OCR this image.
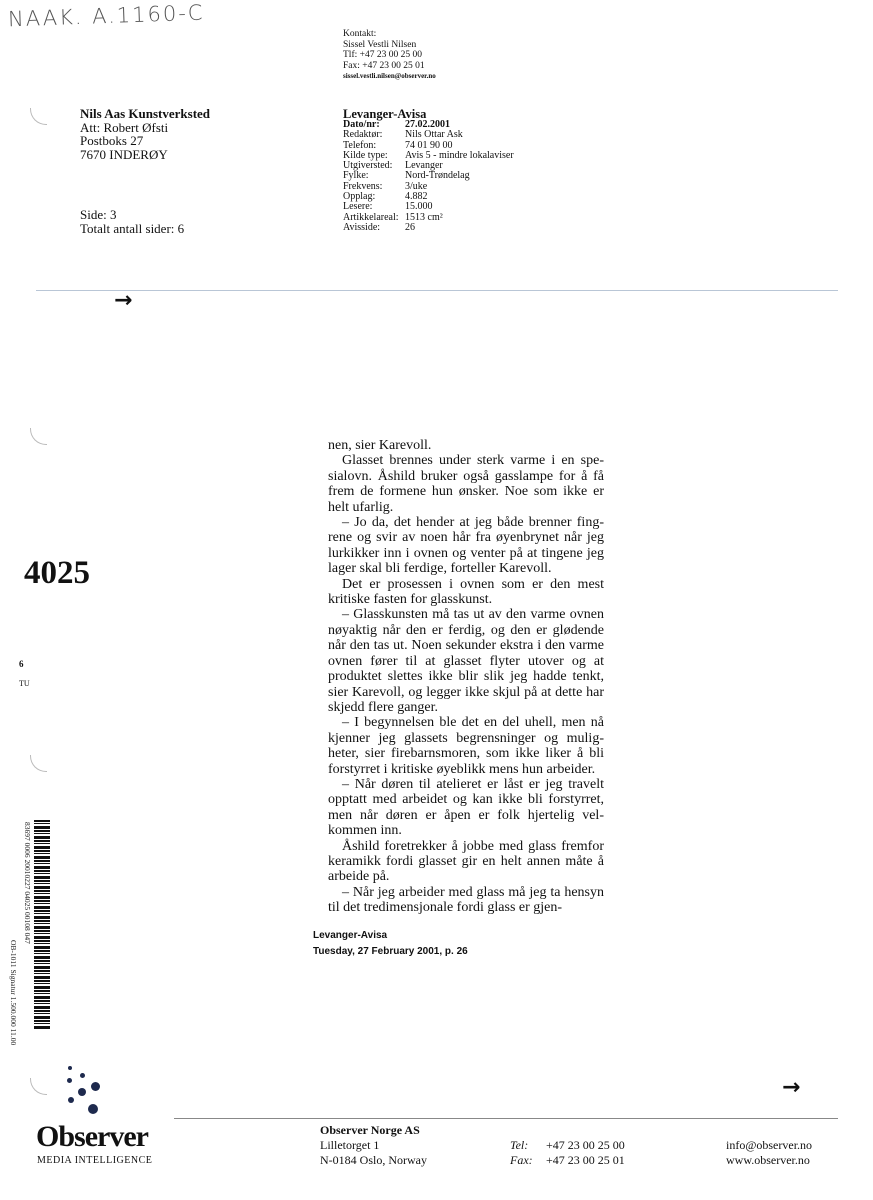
NAAK. A.1160-C
Kontakt:
Sissel Vestli Nilsen
Tlf: +47 23 00 25 00
Fax: +47 23 00 25 01
sissel.vestli.nilsen@observer.no
Nils Aas Kunstverksted
Att: Robert Øfsti
Postboks 27
7670 INDERØY
Side: 3
Totalt antall sider: 6
Levanger-Avisa
Dato/nr:	27.02.2001
Redaktør:	Nils Ottar Ask
Telefon:	74 01 90 00
Kilde type:	Avis 5 - mindre lokalaviser
Utgiversted:	Levanger
Fylke:	Nord-Trøndelag
Frekvens:	3/uke
Opplag:	4.882
Lesere:	15.000
Artikkelareal:	1513 cm²
Avisside:	26
→
4025
6
TU
83697 0006 20010227 04025 00108 047
OB-1011 Signatur 1.500.000 11.00

nen, sier Karevoll.

Glasset brennes under sterk varme i en spesialovn. Åshild bruker også gasslampe for å få frem de formene hun ønsker. Noe som ikke er helt ufarlig.

– Jo da, det hender at jeg både brenner fingrene og svir av noen hår fra øyenbrynet når jeg lurkikker inn i ovnen og venter på at tingene jeg lager skal bli ferdige, forteller Karevoll.

Det er prosessen i ovnen som er den mest kritiske fasten for glasskunst.

– Glasskunsten må tas ut av den varme ovnen nøyaktig når den er ferdig, og den er glødende når den tas ut. Noen sekunder ekstra i den varme ovnen fører til at glasset flyter utover og at produktet slettes ikke blir slik jeg hadde tenkt, sier Karevoll, og legger ikke skjul på at dette har skjedd flere ganger.

– I begynnelsen ble det en del uhell, men nå kjenner jeg glassets begrensninger og muligheter, sier firebarnsmoren, som ikke liker å bli forstyrret i kritiske øyeblikk mens hun arbeider.

– Når døren til atelieret er låst er jeg travelt opptatt med arbeidet og kan ikke bli forstyrret, men når døren er åpen er folk hjertelig velkommen inn.

Åshild foretrekker å jobbe med glass fremfor keramikk fordi glasset gir en helt annen måte å arbeide på.

– Når jeg arbeider med glass må jeg ta hensyn til det tredimensjonale fordi glass er gjen-

Levanger-Avisa
Tuesday, 27 February 2001, p. 26
→
Observer
MEDIA INTELLIGENCE
Observer Norge AS
Lilletorget 1
N-0184 Oslo, Norway
Tel:	+47 23 00 25 00
Fax:	+47 23 00 25 01
info@observer.no
www.observer.no
